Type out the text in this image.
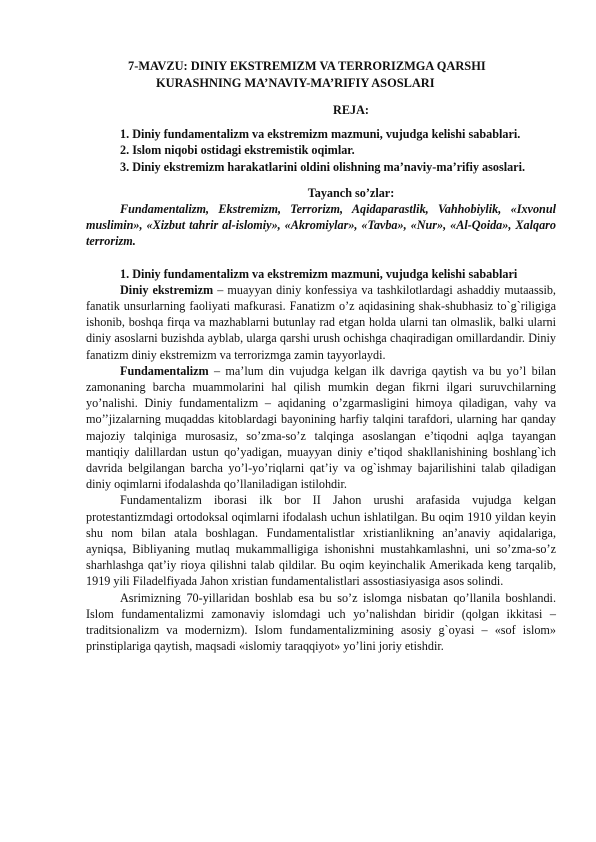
7-MAVZU: DINIY EKSTREMIZM VA TERRORIZMGA QARSHI
KURASHNING MA’NAVIY-MA’RIFIY ASOSLARI
REJA:
1. Diniy fundamentalizm va ekstremizm mazmuni, vujudga kelishi sabablari.
2. Islom niqobi ostidagi ekstremistik oqimlar.
3. Diniy ekstremizm harakatlarini oldini olishning ma’naviy-ma’rifiy asoslari.
Tayanch so’zlar:

Fundamentalizm, Ekstremizm, Terrorizm, Aqidaparastlik, Vahhobiylik, «Ixvonul muslimin», «Xizbut tahrir al-islomiy», «Akromiylar», «Tavba», «Nur», «Al-Qoida», Xalqaro terrorizm.

1. Diniy fundamentalizm va ekstremizm mazmuni, vujudga kelishi sabablari

Diniy ekstremizm – muayyan diniy konfessiya va tashkilotlardagi ashaddiy mutaassib, fanatik unsurlarning faoliyati mafkurasi. Fanatizm o’z aqidasining shak-shubhasiz to`g`riligiga ishonib, boshqa firqa va mazhablarni butunlay rad etgan holda ularni tan olmaslik, balki ularni diniy asoslarni buzishda ayblab, ularga qarshi urush ochishga chaqiradigan omillardandir. Diniy fanatizm diniy ekstremizm va terrorizmga zamin tayyorlaydi.

Fundamentalizm – ma’lum din vujudga kelgan ilk davriga qaytish va bu yo’l bilan zamonaning barcha muammolarini hal qilish mumkin degan fikrni ilgari suruvchilarning yo’nalishi. Diniy fundamentalizm – aqidaning o’zgarmasligini himoya qiladigan, vahy va mo’’jizalarning muqaddas kitoblardagi bayonining harfiy talqini tarafdori, ularning har qanday majoziy talqiniga murosasiz, so’zma-so’z talqinga asoslangan e’tiqodni aqlga tayangan mantiqiy dalillardan ustun qo’yadigan, muayyan diniy e’tiqod shakllanishining boshlang`ich davrida belgilangan barcha yo’l-yo’riqlarni qat’iy va og`ishmay bajarilishini talab qiladigan diniy oqimlarni ifodalashda qo’llaniladigan istilohdir.

Fundamentalizm iborasi ilk bor II Jahon urushi arafasida vujudga kelgan protestantizmdagi ortodoksal oqimlarni ifodalash uchun ishlatilgan. Bu oqim 1910 yildan keyin shu nom bilan atala boshlagan. Fundamentalistlar xristianlikning an’anaviy aqidalariga, ayniqsa, Bibliyaning mutlaq mukammalligiga ishonishni mustahkamlashni, uni so’zma-so’z sharhlashga qat’iy rioya qilishni talab qildilar. Bu oqim keyinchalik Amerikada keng tarqalib, 1919 yili Filadelfiyada Jahon xristian fundamentalistlari assostiasiyasiga asos solindi.

Asrimizning 70-yillaridan boshlab esa bu so’z islomga nisbatan qo’llanila boshlandi. Islom fundamentalizmi zamonaviy islomdagi uch yo’nalishdan biridir (qolgan ikkitasi – traditsionalizm va modernizm). Islom fundamentalizmining asosiy g`oyasi – «sof islom» prinstiplariga qaytish, maqsadi «islomiy taraqqiyot» yo’lini joriy etishdir.
